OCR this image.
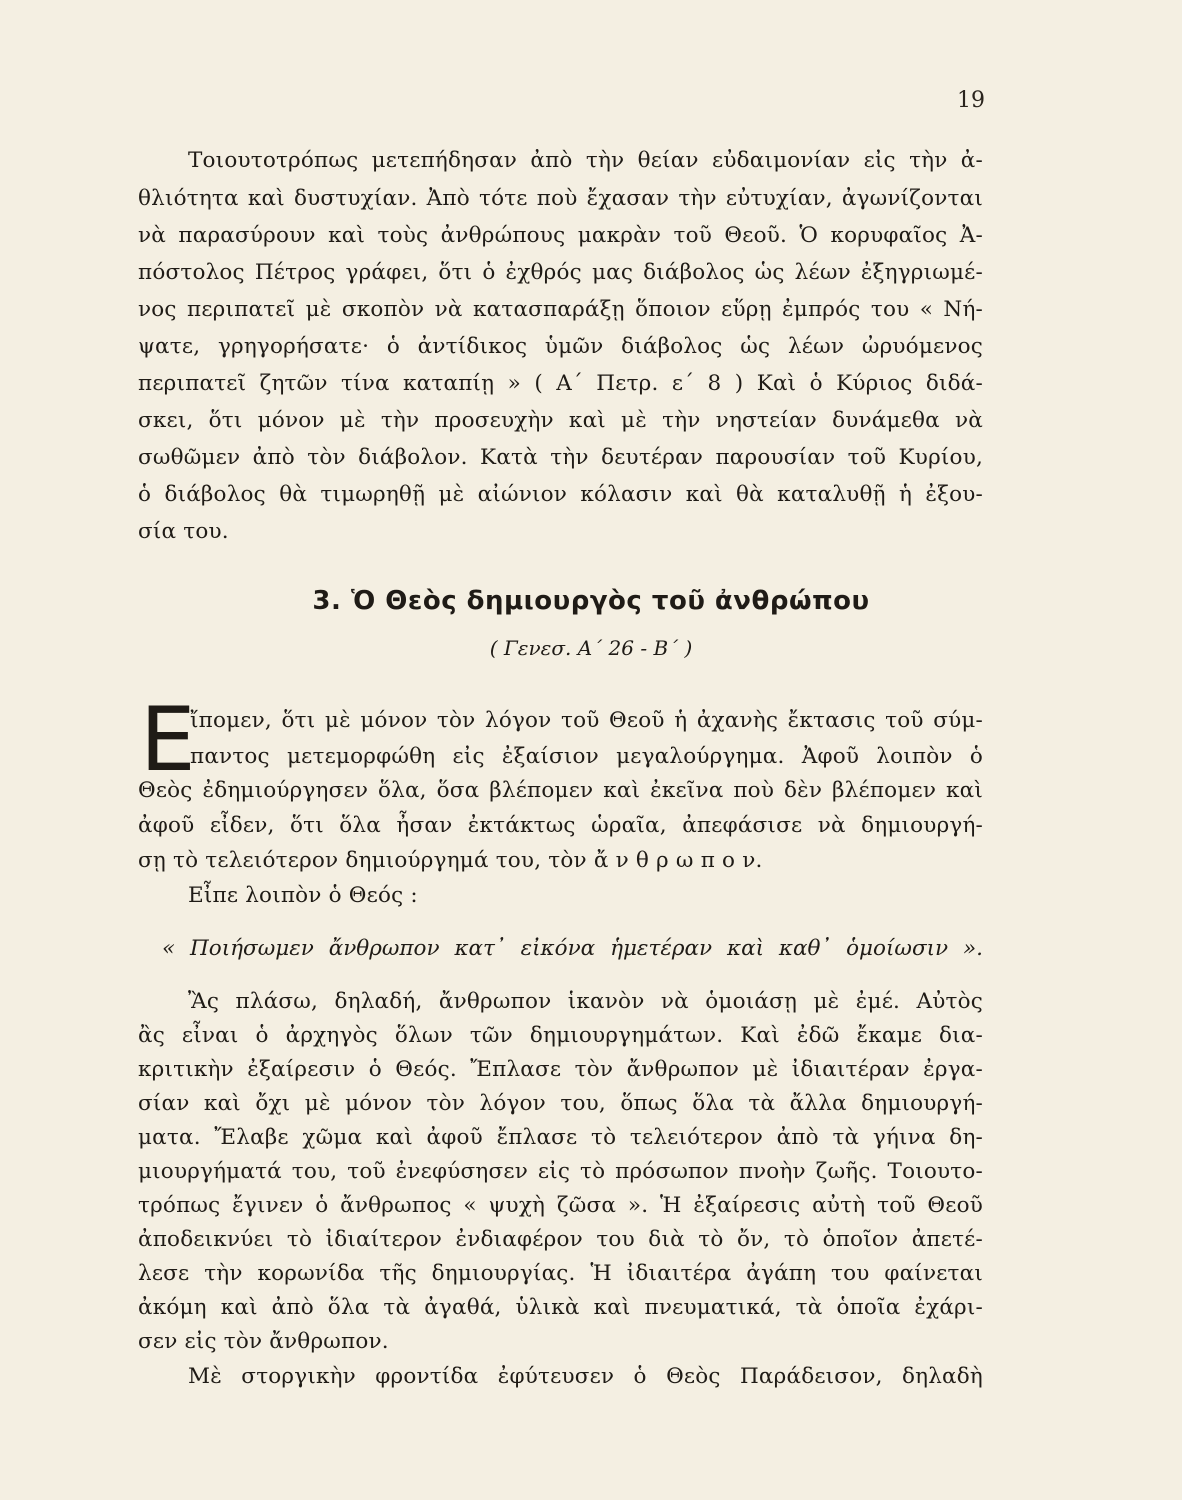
19
Τοιουτοτρόπως μετεπήδησαν ἀπὸ τὴν θείαν εὐδαιμονίαν εἰς τὴν ἀ-
θλιότητα καὶ δυστυχίαν. Ἀπὸ τότε ποὺ ἔχασαν τὴν εὐτυχίαν, ἀγωνίζονται
νὰ παρασύρουν καὶ τοὺς ἀνθρώπους μακρὰν τοῦ Θεοῦ. Ὁ κορυφαῖος Ἀ-
πόστολος Πέτρος γράφει, ὅτι ὁ ἐχθρός μας διάβολος ὡς λέων ἐξηγριωμέ-
νος περιπατεῖ μὲ σκοπὸν νὰ κατασπαράξῃ ὅποιον εὕρῃ ἐμπρός του « Νή-
ψατε, γρηγορήσατε· ὁ ἀντίδικος ὑμῶν διάβολος ὡς λέων ὠρυόμενος
περιπατεῖ ζητῶν τίνα καταπίῃ » ( Α΄ Πετρ. ε΄ 8 ) Καὶ ὁ Κύριος διδά-
σκει, ὅτι μόνον μὲ τὴν προσευχὴν καὶ μὲ τὴν νηστείαν δυνάμεθα νὰ
σωθῶμεν ἀπὸ τὸν διάβολον. Κατὰ τὴν δευτέραν παρουσίαν τοῦ Κυρίου,
ὁ διάβολος θὰ τιμωρηθῇ μὲ αἰώνιον κόλασιν καὶ θὰ καταλυθῇ ἡ ἐξου-
σία του.
3. Ὁ Θεὸς δημιουργὸς τοῦ ἀνθρώπου
( Γενεσ. Α΄ 26 - Β΄ )
Ε
ἴπομεν, ὅτι μὲ μόνον τὸν λόγον τοῦ Θεοῦ ἡ ἀχανὴς ἔκτασις τοῦ σύμ-
παντος μετεμορφώθη εἰς ἐξαίσιον μεγαλούργημα. Ἀφοῦ λοιπὸν ὁ
Θεὸς ἐδημιούργησεν ὅλα, ὅσα βλέπομεν καὶ ἐκεῖνα ποὺ δὲν βλέπομεν καὶ
ἀφοῦ εἶδεν, ὅτι ὅλα ἦσαν ἐκτάκτως ὡραῖα, ἀπεφάσισε νὰ δημιουργή-
σῃ τὸ τελειότερον δημιούργημά του, τὸν ἄ ν θ ρ ω π ο ν.
Εἶπε λοιπὸν ὁ Θεός :
« Ποιήσωμεν ἄνθρωπον κατ᾿ εἰκόνα ἡμετέραν καὶ καθ᾿ ὁμοίωσιν ».
Ἂς πλάσω, δηλαδή, ἄνθρωπον ἱκανὸν νὰ ὁμοιάσῃ μὲ ἐμέ. Αὐτὸς
ἂς εἶναι ὁ ἀρχηγὸς ὅλων τῶν δημιουργημάτων. Καὶ ἐδῶ ἔκαμε δια-
κριτικὴν ἐξαίρεσιν ὁ Θεός. Ἔπλασε τὸν ἄνθρωπον μὲ ἰδιαιτέραν ἐργα-
σίαν καὶ ὄχι μὲ μόνον τὸν λόγον του, ὅπως ὅλα τὰ ἄλλα δημιουργή-
ματα. Ἔλαβε χῶμα καὶ ἀφοῦ ἔπλασε τὸ τελειότερον ἀπὸ τὰ γήινα δη-
μιουργήματά του, τοῦ ἐνεφύσησεν εἰς τὸ πρόσωπον πνοὴν ζωῆς. Τοιουτο-
τρόπως ἔγινεν ὁ ἄνθρωπος « ψυχὴ ζῶσα ». Ἡ ἐξαίρεσις αὐτὴ τοῦ Θεοῦ
ἀποδεικνύει τὸ ἰδιαίτερον ἐνδιαφέρον του διὰ τὸ ὄν, τὸ ὁποῖον ἀπετέ-
λεσε τὴν κορωνίδα τῆς δημιουργίας. Ἡ ἰδιαιτέρα ἀγάπη του φαίνεται
ἀκόμη καὶ ἀπὸ ὅλα τὰ ἀγαθά, ὑλικὰ καὶ πνευματικά, τὰ ὁποῖα ἐχάρι-
σεν εἰς τὸν ἄνθρωπον.
Μὲ στοργικὴν φροντίδα ἐφύτευσεν ὁ Θεὸς Παράδεισον, δηλαδὴ
